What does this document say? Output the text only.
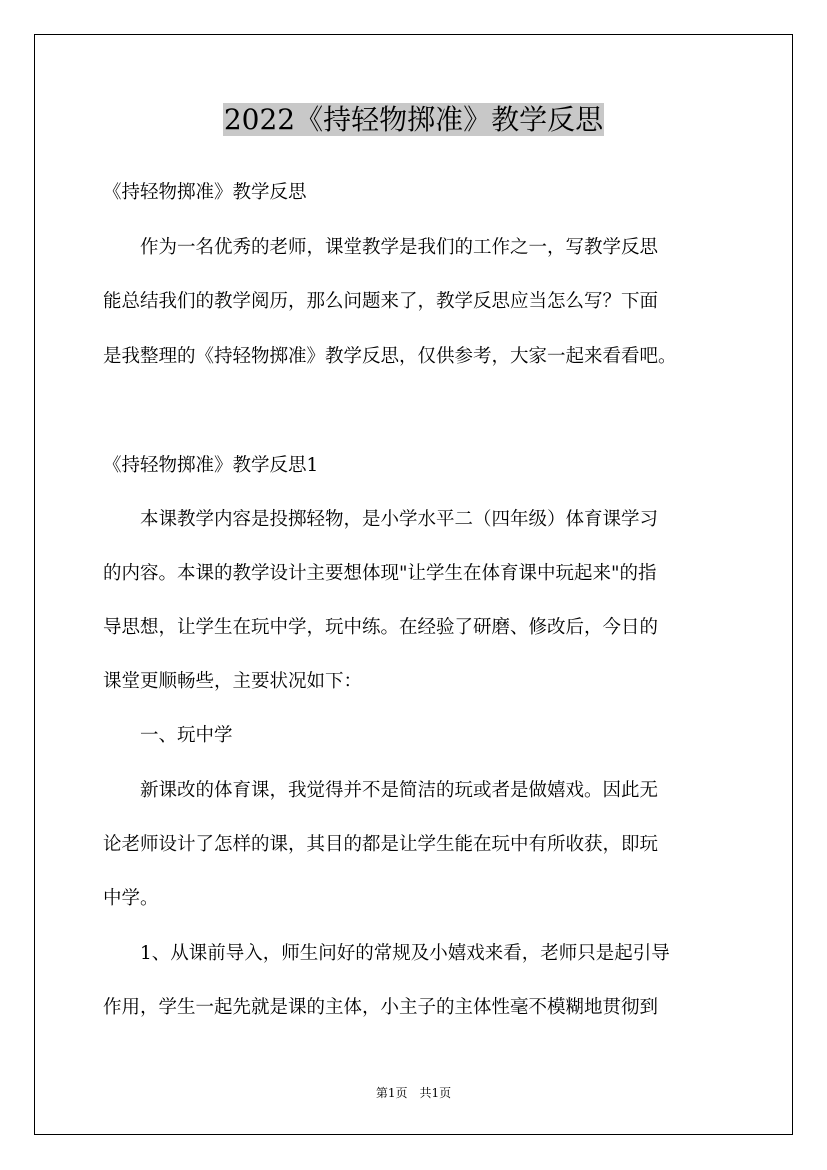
2022《持轻物掷准》教学反思

《持轻物掷准》教学反思

　　作为一名优秀的老师，课堂教学是我们的工作之一，写教学反思

能总结我们的教学阅历，那么问题来了，教学反思应当怎么写？下面

是我整理的《持轻物掷准》教学反思，仅供参考，大家一起来看看吧。

《持轻物掷准》教学反思1

　　本课教学内容是投掷轻物，是小学水平二（四年级）体育课学习

的内容。本课的教学设计主要想体现"让学生在体育课中玩起来"的指

导思想，让学生在玩中学，玩中练。在经验了研磨、修改后，今日的

课堂更顺畅些，主要状况如下：

　　一、玩中学

　　新课改的体育课，我觉得并不是简洁的玩或者是做嬉戏。因此无

论老师设计了怎样的课，其目的都是让学生能在玩中有所收获，即玩

中学。

　　1、从课前导入，师生问好的常规及小嬉戏来看，老师只是起引导

作用，学生一起先就是课的主体，小主子的主体性毫不模糊地贯彻到

第1页　共1页
